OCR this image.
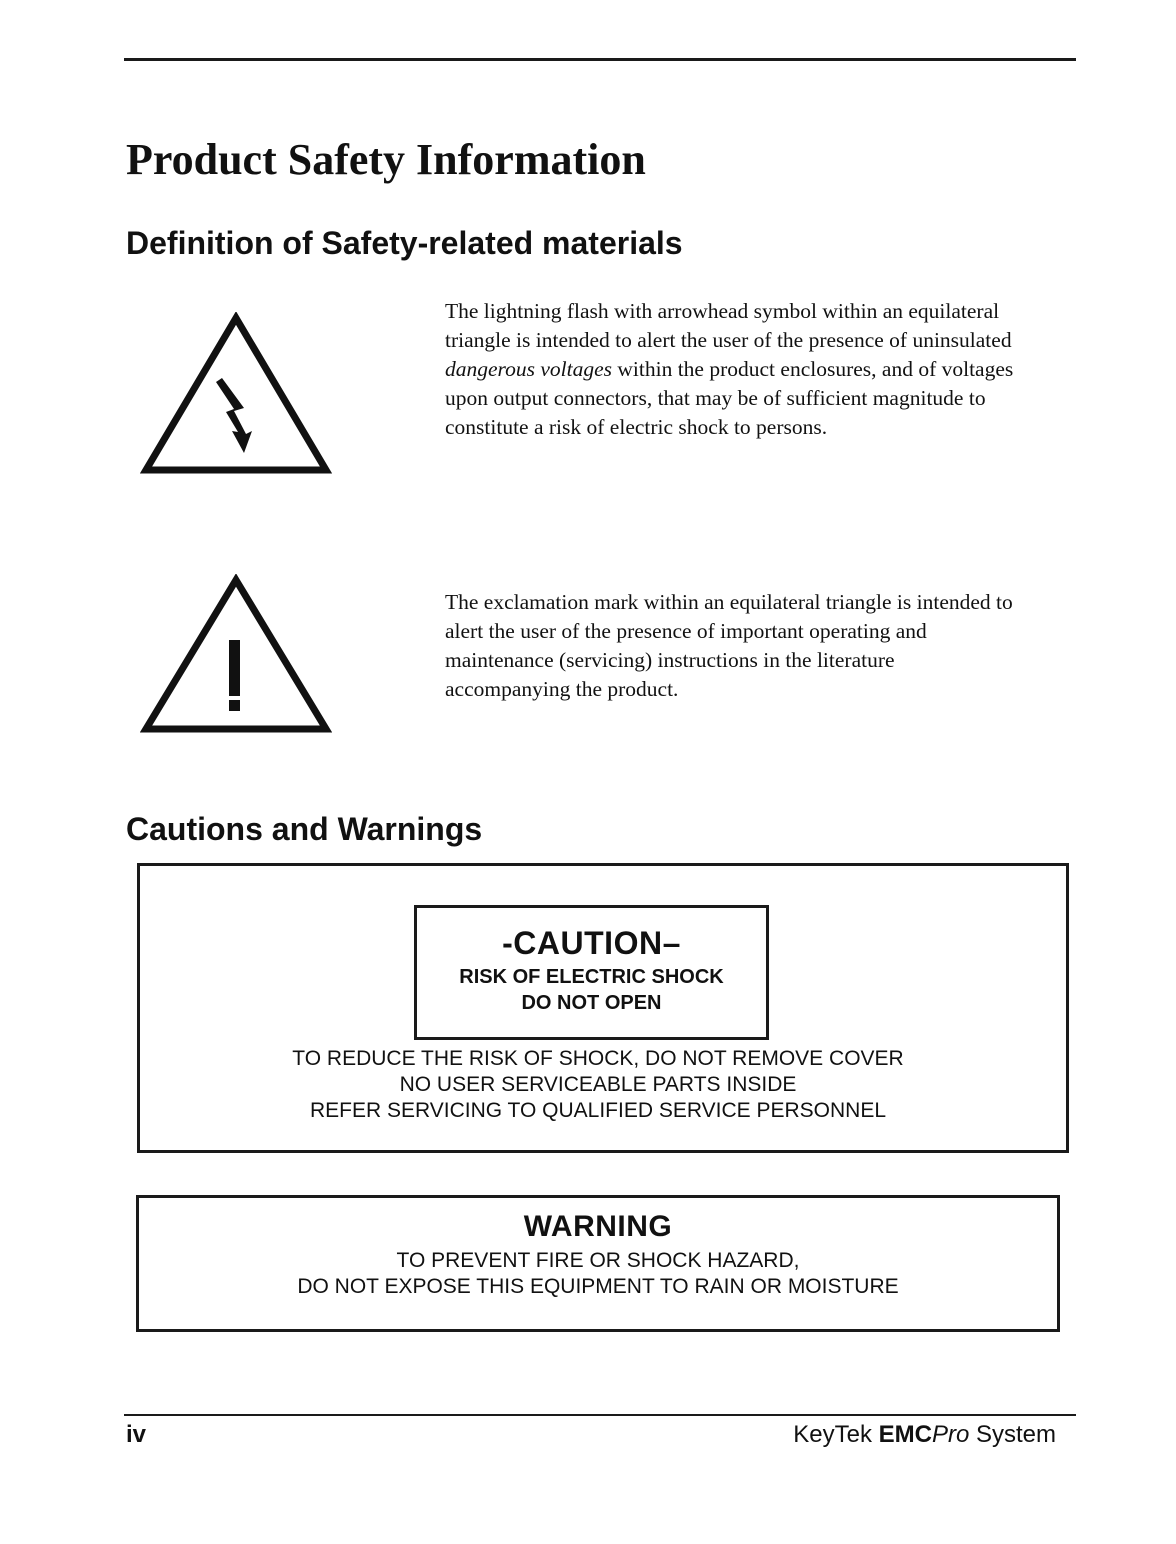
Product Safety Information
Definition of Safety-related materials

The lightning flash with arrowhead symbol within an equilateral triangle is intended to alert the user of the presence of uninsulated dangerous voltages within the product enclosures, and of voltages upon output connectors, that may be of sufficient magnitude to constitute a risk of electric shock to persons.

The exclamation mark within an equilateral triangle is intended to alert the user of the presence of important operating and maintenance (servicing) instructions in the literature accompanying the product.

Cautions and Warnings
-CAUTION–
RISK OF ELECTRIC SHOCK
DO NOT OPEN
TO REDUCE THE RISK OF SHOCK, DO NOT REMOVE COVER
NO USER SERVICEABLE PARTS INSIDE
REFER SERVICING TO QUALIFIED SERVICE PERSONNEL
WARNING
TO PREVENT FIRE OR SHOCK HAZARD,
DO NOT EXPOSE THIS EQUIPMENT TO RAIN OR MOISTURE
iv	KeyTek EMCPro System
